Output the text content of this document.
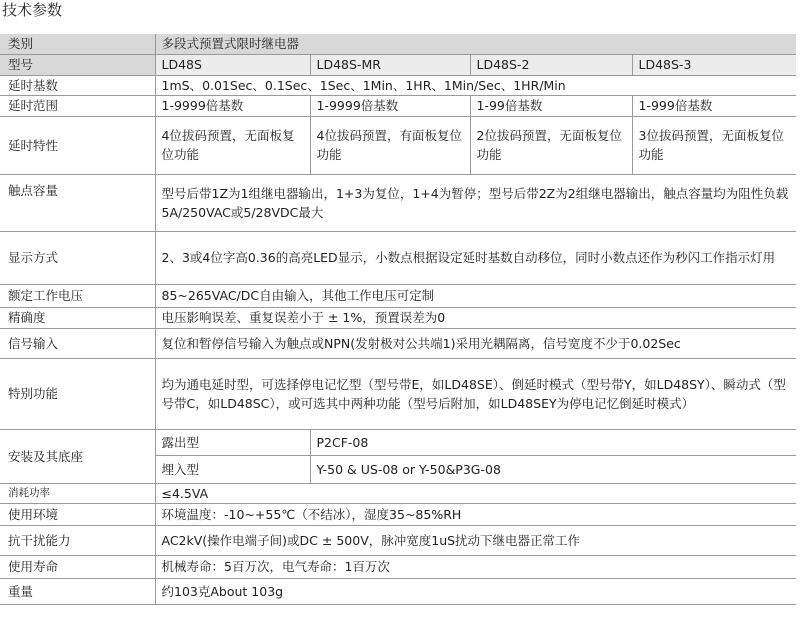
技术参数
类别	多段式预置式限时继电器			
型号	LD48S	LD48S-MR	LD48S-2	LD48S-3
延时基数	1mS、0.01Sec、0.1Sec、1Sec、1Min、1HR、1Min/Sec、1HR/Min			
延时范围	1-9999倍基数	1-9999倍基数	1-99倍基数	1-999倍基数
延时特性	4位拔码预置，无面板复位功能	4位拔码预置，有面板复位功能	2位拔码预置，无面板复位功能	3位拔码预置，无面板复位功能
触点容量	型号后带1Z为1组继电器输出，1+3为复位，1+4为暂停；型号后带2Z为2组继电器输出，触点容量均为阻性负载5A/250VAC或5/28VDC最大			
显示方式	2、3或4位字高0.36的高亮LED显示，小数点根据设定延时基数自动移位，同时小数点还作为秒闪工作指示灯用			
额定工作电压	85~265VAC/DC自由输入，其他工作电压可定制			
精确度	电压影响误差、重复误差小于 ± 1%，预置误差为0			
信号输入	复位和暂停信号输入为触点或NPN(发射极对公共端1)采用光耦隔离，信号宽度不少于0.02Sec			
特别功能	均为通电延时型，可选择停电记忆型（型号带E，如LD48SE）、倒延时模式（型号带Y，如LD48SY）、瞬动式（型号带C，如LD48SC），或可选其中两种功能（型号后附加，如LD48SEY为停电记忆倒延时模式）			
安装及其底座	露出型	P2CF-08		
	埋入型	Y-50 & US-08 or Y-50&P3G-08		
消耗功率	≤4.5VA			
使用环境	环境温度：-10~+55℃（不结冰），湿度35~85%RH			
抗干扰能力	AC2kV(操作电端子间)或DC ± 500V，脉冲宽度1uS扰动下继电器正常工作			
使用寿命	机械寿命：5百万次，电气寿命：1百万次			
重量	约103克About 103g			
